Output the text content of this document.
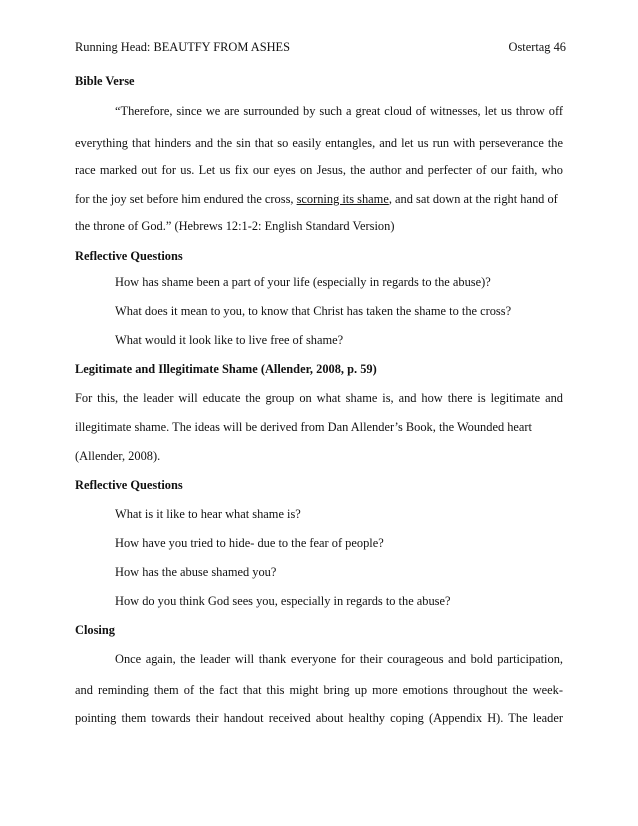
Running Head: BEAUTFY FROM ASHES	Ostertag 46
Bible Verse
“Therefore, since we are surrounded by such a great cloud of witnesses, let us throw off
everything that hinders and the sin that so easily entangles, and let us run with perseverance the
race marked out for us. Let us fix our eyes on Jesus, the author and perfecter of our faith, who
for the joy set before him endured the cross, scorning its shame, and sat down at the right hand of
the throne of God.” (Hebrews 12:1-2: English Standard Version)
Reflective Questions
How has shame been a part of your life (especially in regards to the abuse)?
What does it mean to you, to know that Christ has taken the shame to the cross?
What would it look like to live free of shame?
Legitimate and Illegitimate Shame (Allender, 2008, p. 59)
For this, the leader will educate the group on what shame is, and how there is legitimate and
illegitimate shame. The ideas will be derived from Dan Allender’s Book, the Wounded heart
(Allender, 2008).
Reflective Questions
What is it like to hear what shame is?
How have you tried to hide- due to the fear of people?
How has the abuse shamed you?
How do you think God sees you, especially in regards to the abuse?
Closing
Once again, the leader will thank everyone for their courageous and bold participation,
and reminding them of the fact that this might bring up more emotions throughout the week-
pointing them towards their handout received about healthy coping (Appendix H). The leader
